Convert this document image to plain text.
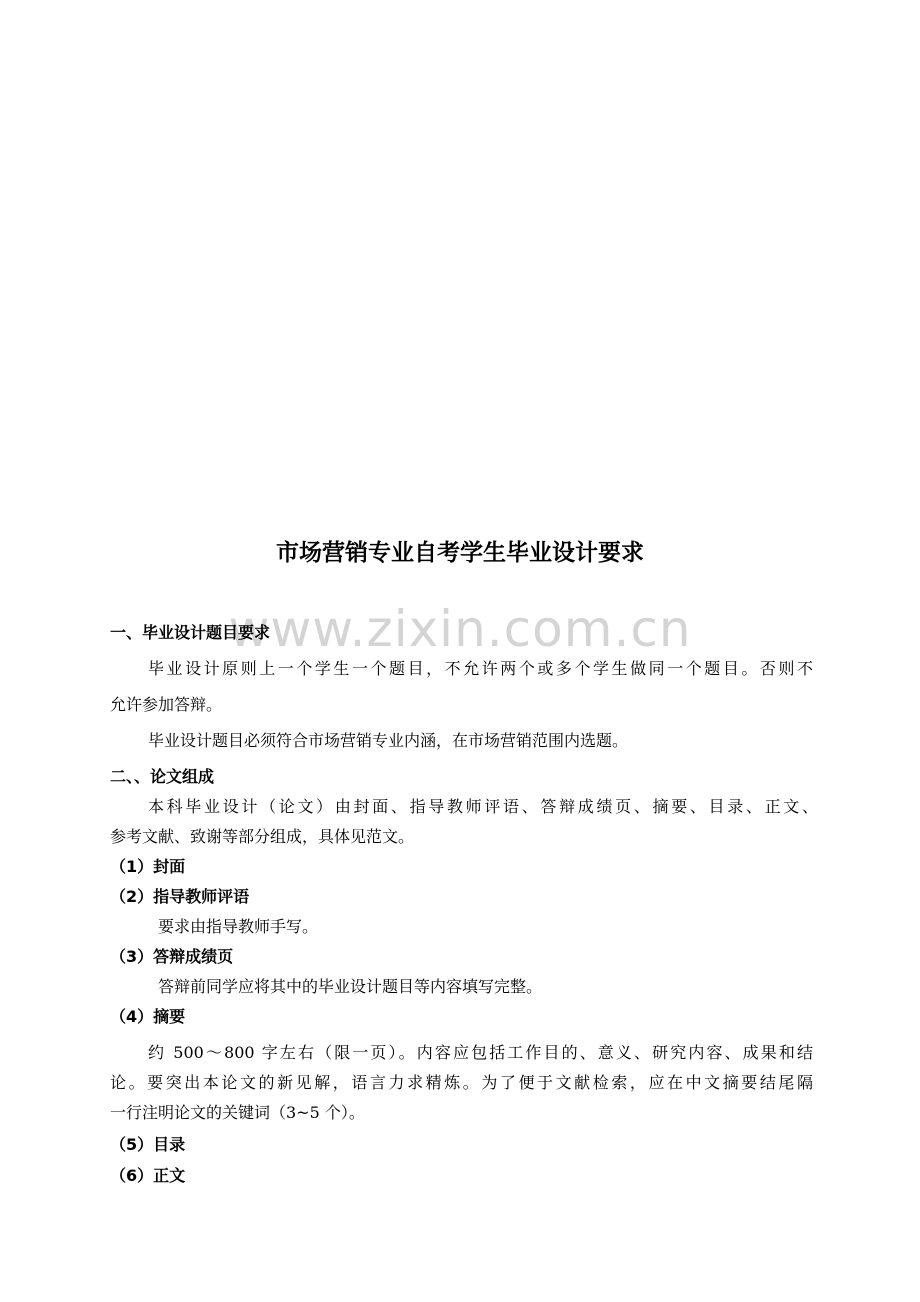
www.zixin.com.cn
市场营销专业自考学生毕业设计要求
一、毕业设计题目要求
毕业设计原则上一个学生一个题目，不允许两个或多个学生做同一个题目。否则不
允许参加答辩。
毕业设计题目必须符合市场营销专业内涵，在市场营销范围内选题。
二、、论文组成
本科毕业设计（论文）由封面、指导教师评语、答辩成绩页、摘要、目录、正文、
参考文献、致谢等部分组成，具体见范文。
（1）封面
（2）指导教师评语
要求由指导教师手写。
（3）答辩成绩页
答辩前同学应将其中的毕业设计题目等内容填写完整。
（4）摘要
约 500～800 字左右（限一页）。内容应包括工作目的、意义、研究内容、成果和结
论。要突出本论文的新见解，语言力求精炼。为了便于文献检索，应在中文摘要结尾隔
一行注明论文的关键词（3~5 个）。
（5）目录
（6）正文
